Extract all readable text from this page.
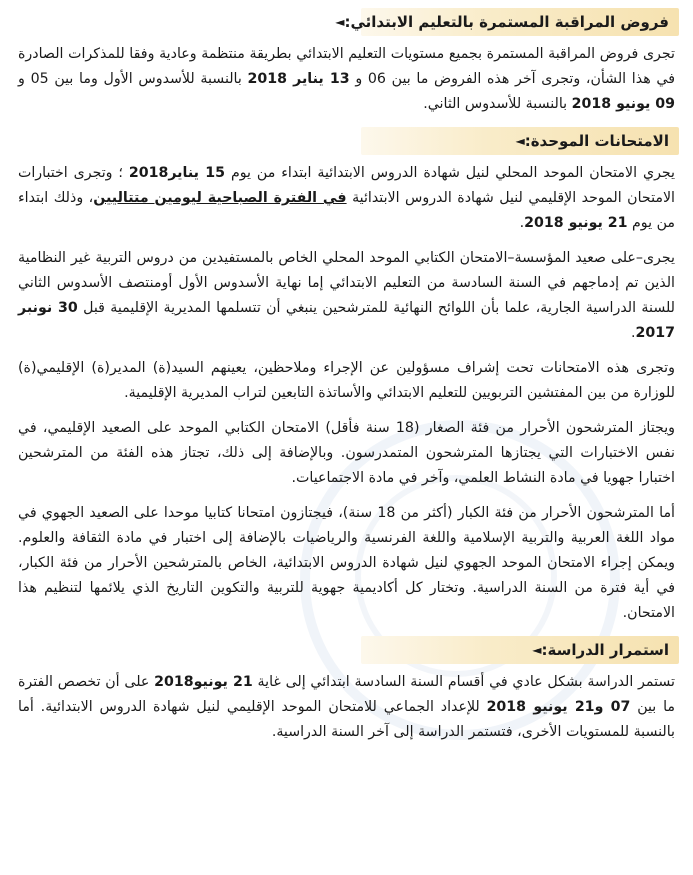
فروض المراقبة المستمرة بالتعليم الابتدائي:
◄

تجرى فروض المراقبة المستمرة بجميع مستويات التعليم الابتدائي بطريقة منتظمة وعادية وفقا للمذكرات الصادرة في هذا الشأن، وتجرى آخر هذه الفروض ما بين 06 و 13 يناير 2018 بالنسبة للأسدوس الأول وما بين 05 و 09 يونيو 2018 بالنسبة للأسدوس الثاني.

الامتحانات الموحدة:
◄

يجري الامتحان الموحد المحلي لنيل شهادة الدروس الابتدائية ابتداء من يوم 15 يناير2018 ؛ وتجرى اختبارات الامتحان الموحد الإقليمي لنيل شهادة الدروس الابتدائية في الفترة الصباحية ليومين متتاليين، وذلك ابتداء من يوم 21 يونيو 2018.

يجرى–على صعيد المؤسسة–الامتحان الكتابي الموحد المحلي الخاص بالمستفيدين من دروس التربية غير النظامية الذين تم إدماجهم في السنة السادسة من التعليم الابتدائي إما نهاية الأسدوس الأول أومنتصف الأسدوس الثاني للسنة الدراسية الجارية، علما بأن اللوائح النهائية للمترشحين ينبغي أن تتسلمها المديرية الإقليمية قبل 30 نونبر 2017.

وتجرى هذه الامتحانات تحت إشراف مسؤولين عن الإجراء وملاحظين، يعينهم السيد(ة) المدير(ة) الإقليمي(ة) للوزارة من بين المفتشين التربويين للتعليم الابتدائي والأساتذة التابعين لتراب المديرية الإقليمية.

ويجتاز المترشحون الأحرار من فئة الصغار (18 سنة فأقل) الامتحان الكتابي الموحد على الصعيد الإقليمي، في نفس الاختبارات التي يجتازها المترشحون المتمدرسون. وبالإضافة إلى ذلك، تجتاز هذه الفئة من المترشحين اختبارا جهويا في مادة النشاط العلمي، وآخر في مادة الاجتماعيات.

أما المترشحون الأحرار من فئة الكبار (أكثر من 18 سنة)، فيجتازون امتحانا كتابيا موحدا على الصعيد الجهوي في مواد اللغة العربية والتربية الإسلامية واللغة الفرنسية والرياضيات بالإضافة إلى اختبار في مادة الثقافة والعلوم. ويمكن إجراء الامتحان الموحد الجهوي لنيل شهادة الدروس الابتدائية، الخاص بالمترشحين الأحرار من فئة الكبار، في أية فترة من السنة الدراسية. وتختار كل أكاديمية جهوية للتربية والتكوين التاريخ الذي يلائمها لتنظيم هذا الامتحان.

استمرار الدراسة:
◄

تستمر الدراسة بشكل عادي في أقسام السنة السادسة ابتدائي إلى غاية 21 يونيو2018 على أن تخصص الفترة ما بين 07 و21 يونيو 2018 للإعداد الجماعي للامتحان الموحد الإقليمي لنيل شهادة الدروس الابتدائية. أما بالنسبة للمستويات الأخرى، فتستمر الدراسة إلى آخر السنة الدراسية.
